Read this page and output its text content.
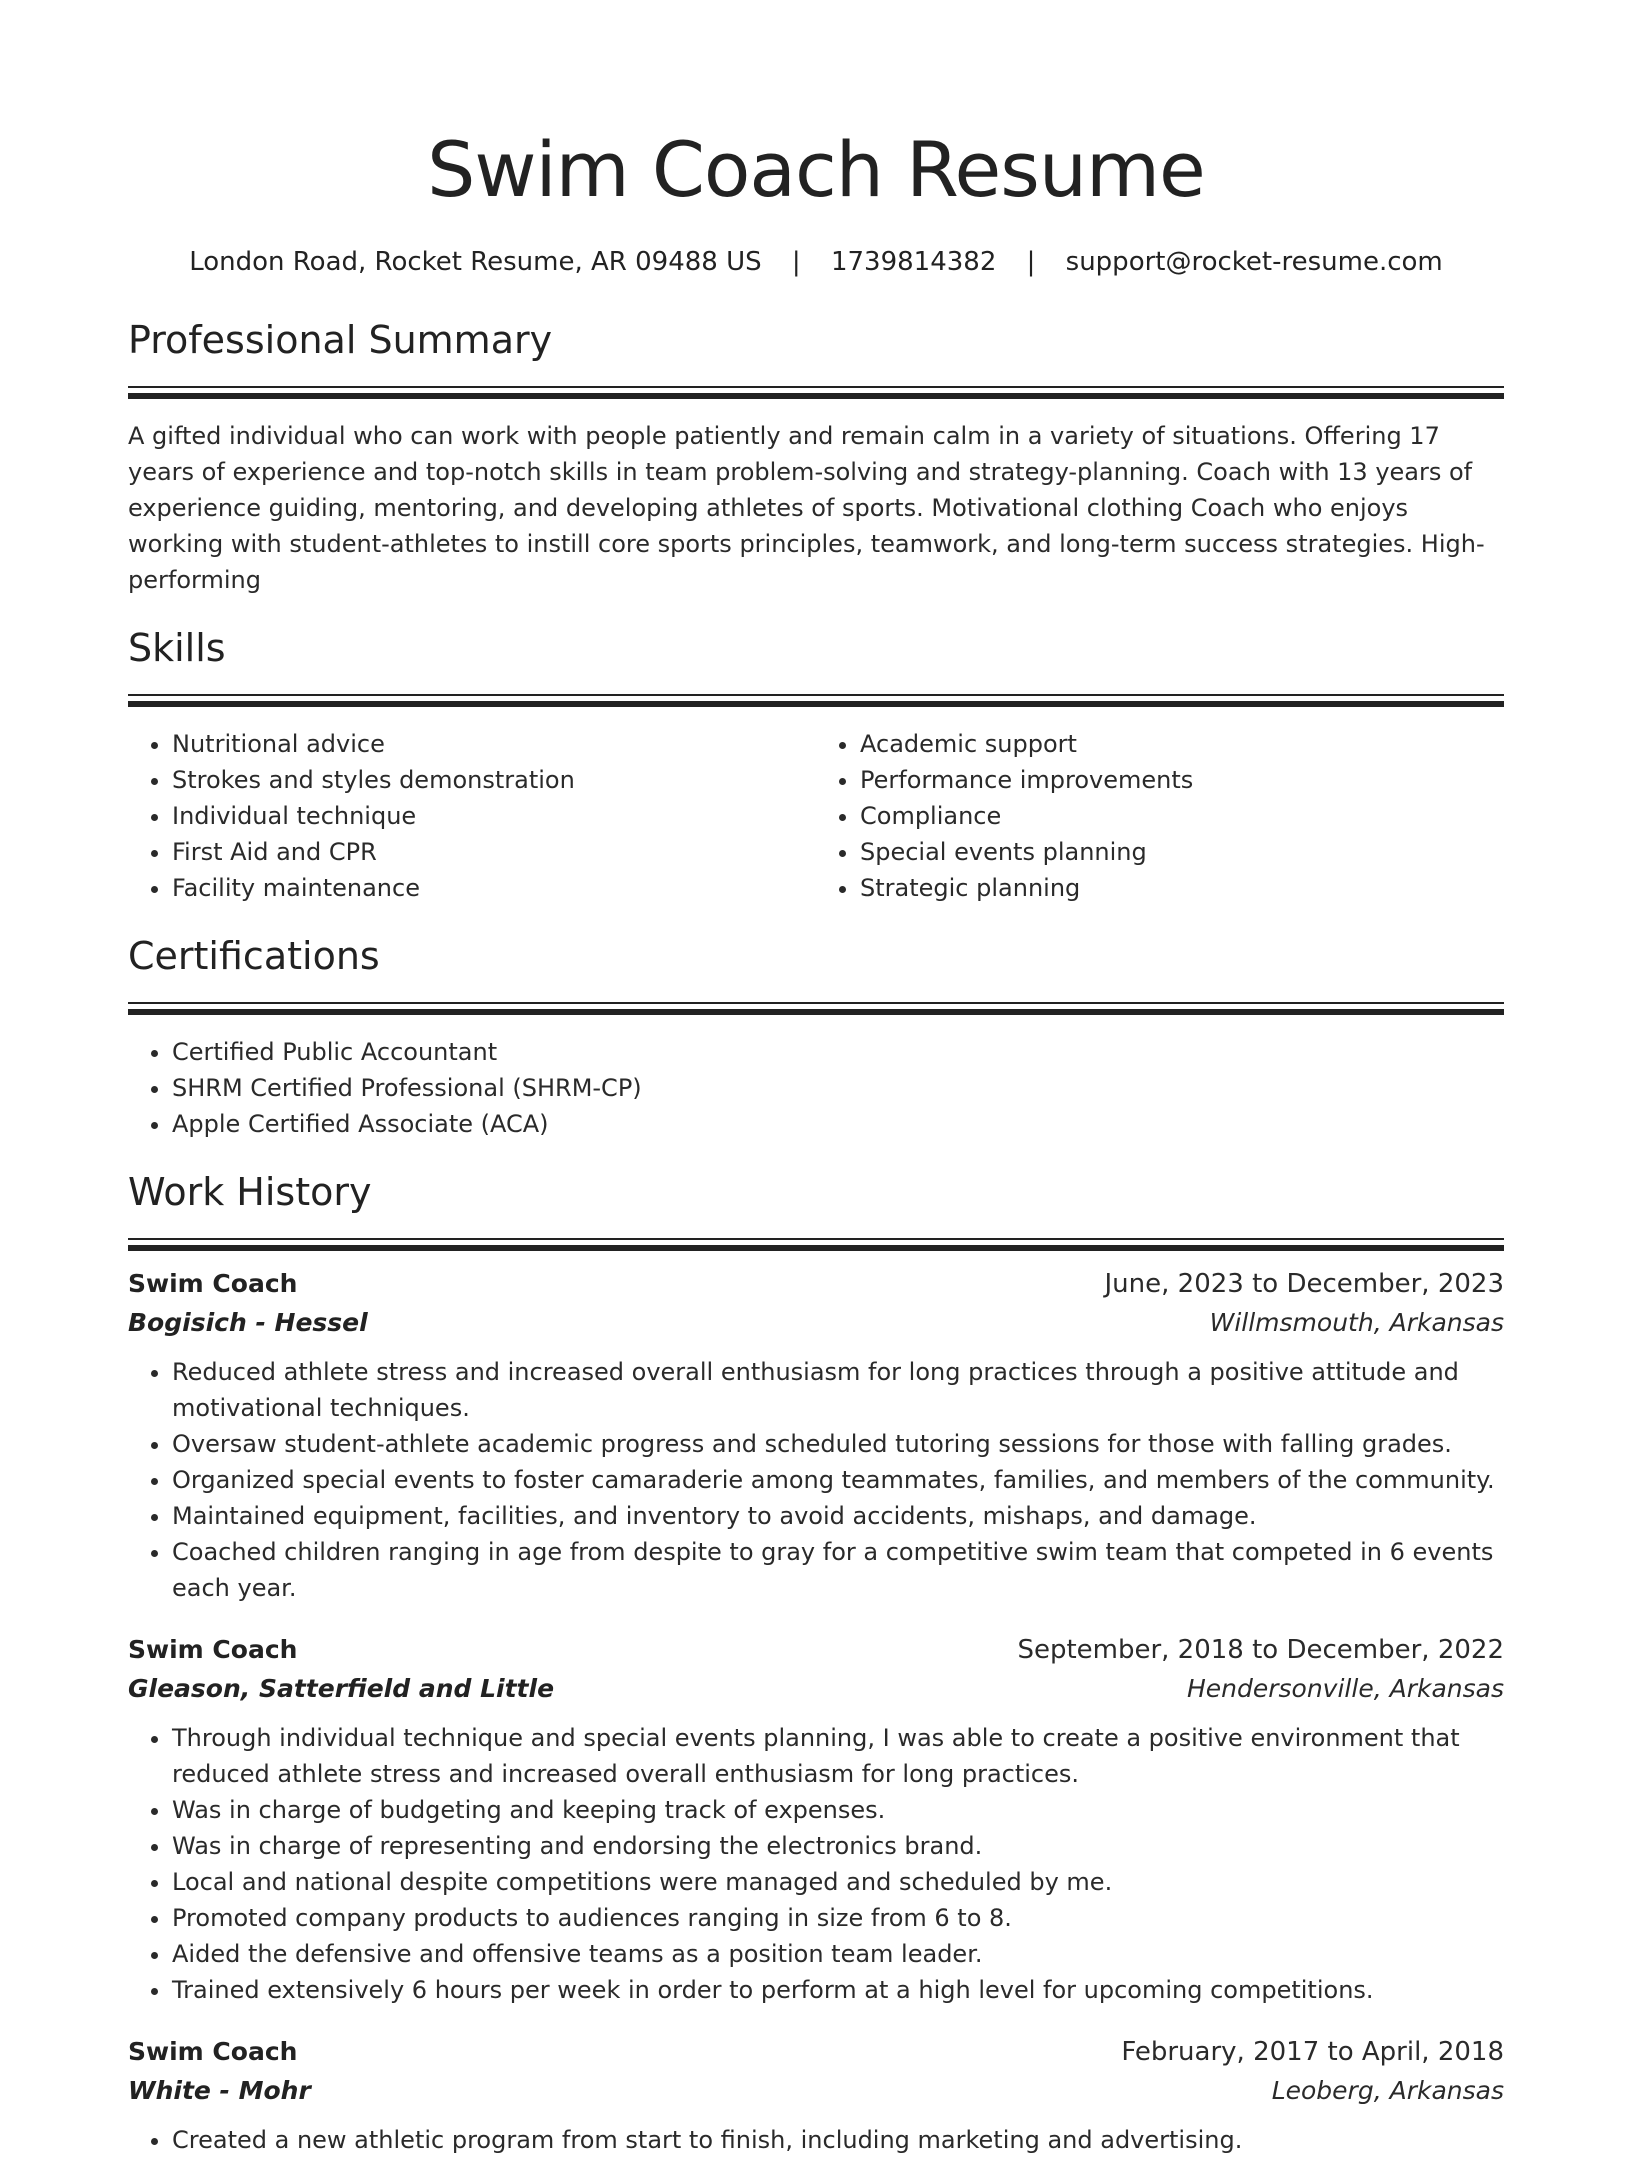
Swim Coach Resume
London Road, Rocket Resume, AR 09488 US | 1739814382 | support@rocket-resume.com
Professional Summary

A gifted individual who can work with people patiently and remain calm in a variety of situations. Offering 17 years of experience and top-notch skills in team problem-solving and strategy-planning. Coach with 13 years of experience guiding, mentoring, and developing athletes of sports. Motivational clothing Coach who enjoys working with student-athletes to instill core sports principles, teamwork, and long-term success strategies. High-performing

Skills
• Nutritional advice
• Strokes and styles demonstration
• Individual technique
• First Aid and CPR
• Facility maintenance
• Academic support
• Performance improvements
• Compliance
• Special events planning
• Strategic planning
Certifications
• Certified Public Accountant
• SHRM Certified Professional (SHRM-CP)
• Apple Certified Associate (ACA)
Work History
Swim Coach	June, 2023 to December, 2023
Bogisich - Hessel	Willmsmouth, Arkansas
• Reduced athlete stress and increased overall enthusiasm for long practices through a positive attitude and motivational techniques.
• Oversaw student-athlete academic progress and scheduled tutoring sessions for those with falling grades.
• Organized special events to foster camaraderie among teammates, families, and members of the community.
• Maintained equipment, facilities, and inventory to avoid accidents, mishaps, and damage.
• Coached children ranging in age from despite to gray for a competitive swim team that competed in 6 events each year.
Swim Coach	September, 2018 to December, 2022
Gleason, Satterfield and Little	Hendersonville, Arkansas
• Through individual technique and special events planning, I was able to create a positive environment that reduced athlete stress and increased overall enthusiasm for long practices.
• Was in charge of budgeting and keeping track of expenses.
• Was in charge of representing and endorsing the electronics brand.
• Local and national despite competitions were managed and scheduled by me.
• Promoted company products to audiences ranging in size from 6 to 8.
• Aided the defensive and offensive teams as a position team leader.
• Trained extensively 6 hours per week in order to perform at a high level for upcoming competitions.
Swim Coach	February, 2017 to April, 2018
White - Mohr	Leoberg, Arkansas
• Created a new athletic program from start to finish, including marketing and advertising.
